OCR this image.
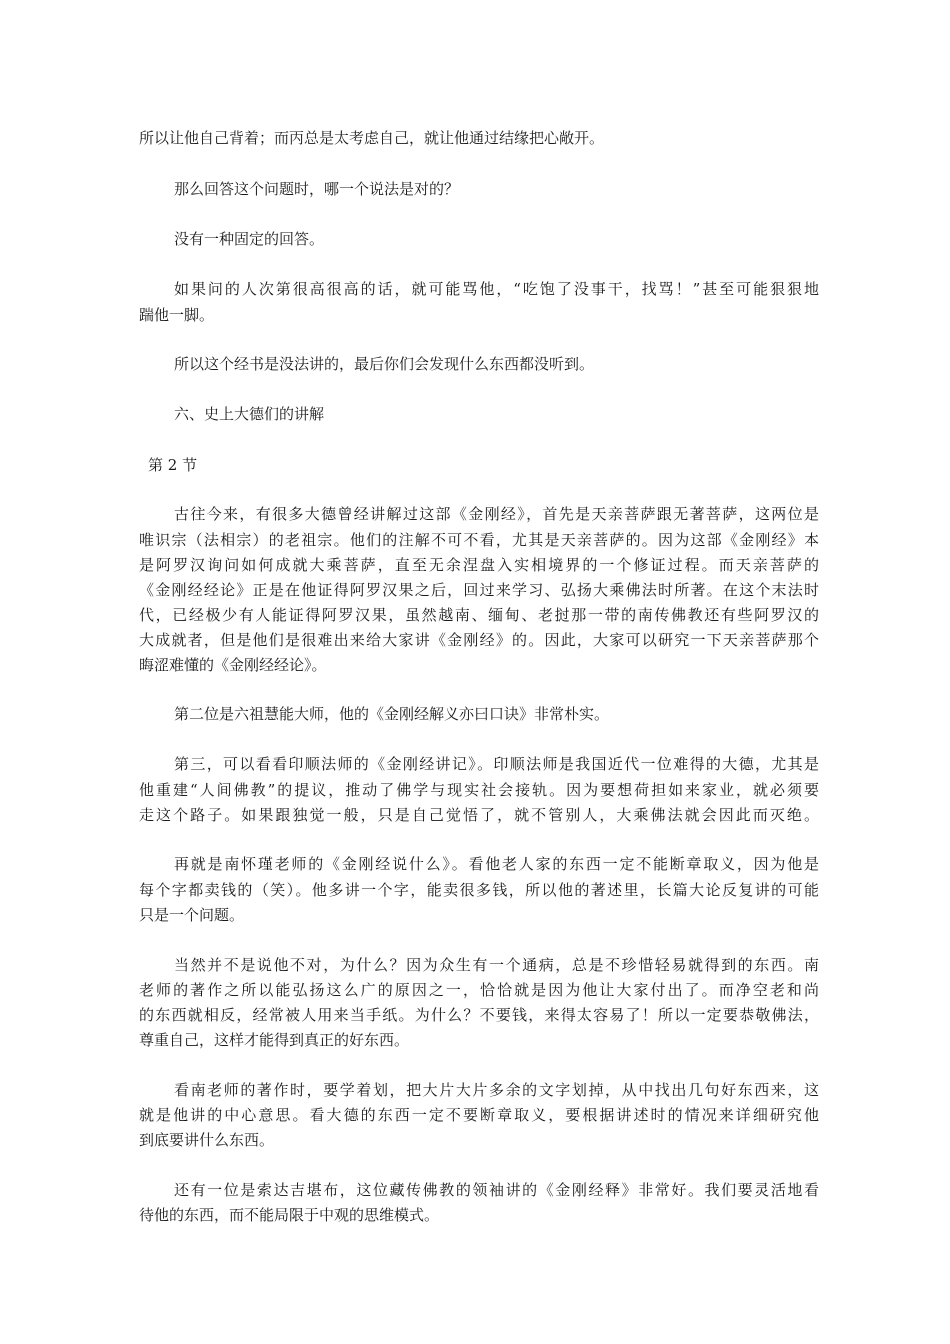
所以让他自己背着；而丙总是太考虑自己，就让他通过结缘把心敞开。

那么回答这个问题时，哪一个说法是对的？

没有一种固定的回答。

如果问的人次第很高很高的话，就可能骂他，“吃饱了没事干，找骂！”甚至可能狠狠地

踹他一脚。

所以这个经书是没法讲的，最后你们会发现什么东西都没听到。

六、史上大德们的讲解

第 2 节

古往今来，有很多大德曾经讲解过这部《金刚经》，首先是天亲菩萨跟无著菩萨，这两位是

唯识宗（法相宗）的老祖宗。他们的注解不可不看，尤其是天亲菩萨的。因为这部《金刚经》本

是阿罗汉询问如何成就大乘菩萨，直至无余涅盘入实相境界的一个修证过程。而天亲菩萨的

《金刚经经论》正是在他证得阿罗汉果之后，回过来学习、弘扬大乘佛法时所著。在这个末法时

代，已经极少有人能证得阿罗汉果，虽然越南、缅甸、老挝那一带的南传佛教还有些阿罗汉的

大成就者，但是他们是很难出来给大家讲《金刚经》的。因此，大家可以研究一下天亲菩萨那个

晦涩难懂的《金刚经经论》。

第二位是六祖慧能大师，他的《金刚经解义亦曰口诀》非常朴实。

第三，可以看看印顺法师的《金刚经讲记》。印顺法师是我国近代一位难得的大德，尤其是

他重建“人间佛教”的提议，推动了佛学与现实社会接轨。因为要想荷担如来家业，就必须要

走这个路子。如果跟独觉一般，只是自己觉悟了，就不管别人，大乘佛法就会因此而灭绝。

再就是南怀瑾老师的《金刚经说什么》。看他老人家的东西一定不能断章取义，因为他是

每个字都卖钱的（笑）。他多讲一个字，能卖很多钱，所以他的著述里，长篇大论反复讲的可能

只是一个问题。

当然并不是说他不对，为什么？因为众生有一个通病，总是不珍惜轻易就得到的东西。南

老师的著作之所以能弘扬这么广的原因之一，恰恰就是因为他让大家付出了。而净空老和尚

的东西就相反，经常被人用来当手纸。为什么？不要钱，来得太容易了！所以一定要恭敬佛法，

尊重自己，这样才能得到真正的好东西。

看南老师的著作时，要学着划，把大片大片多余的文字划掉，从中找出几句好东西来，这

就是他讲的中心意思。看大德的东西一定不要断章取义，要根据讲述时的情况来详细研究他

到底要讲什么东西。

还有一位是索达吉堪布，这位藏传佛教的领袖讲的《金刚经释》非常好。我们要灵活地看

待他的东西，而不能局限于中观的思维模式。
